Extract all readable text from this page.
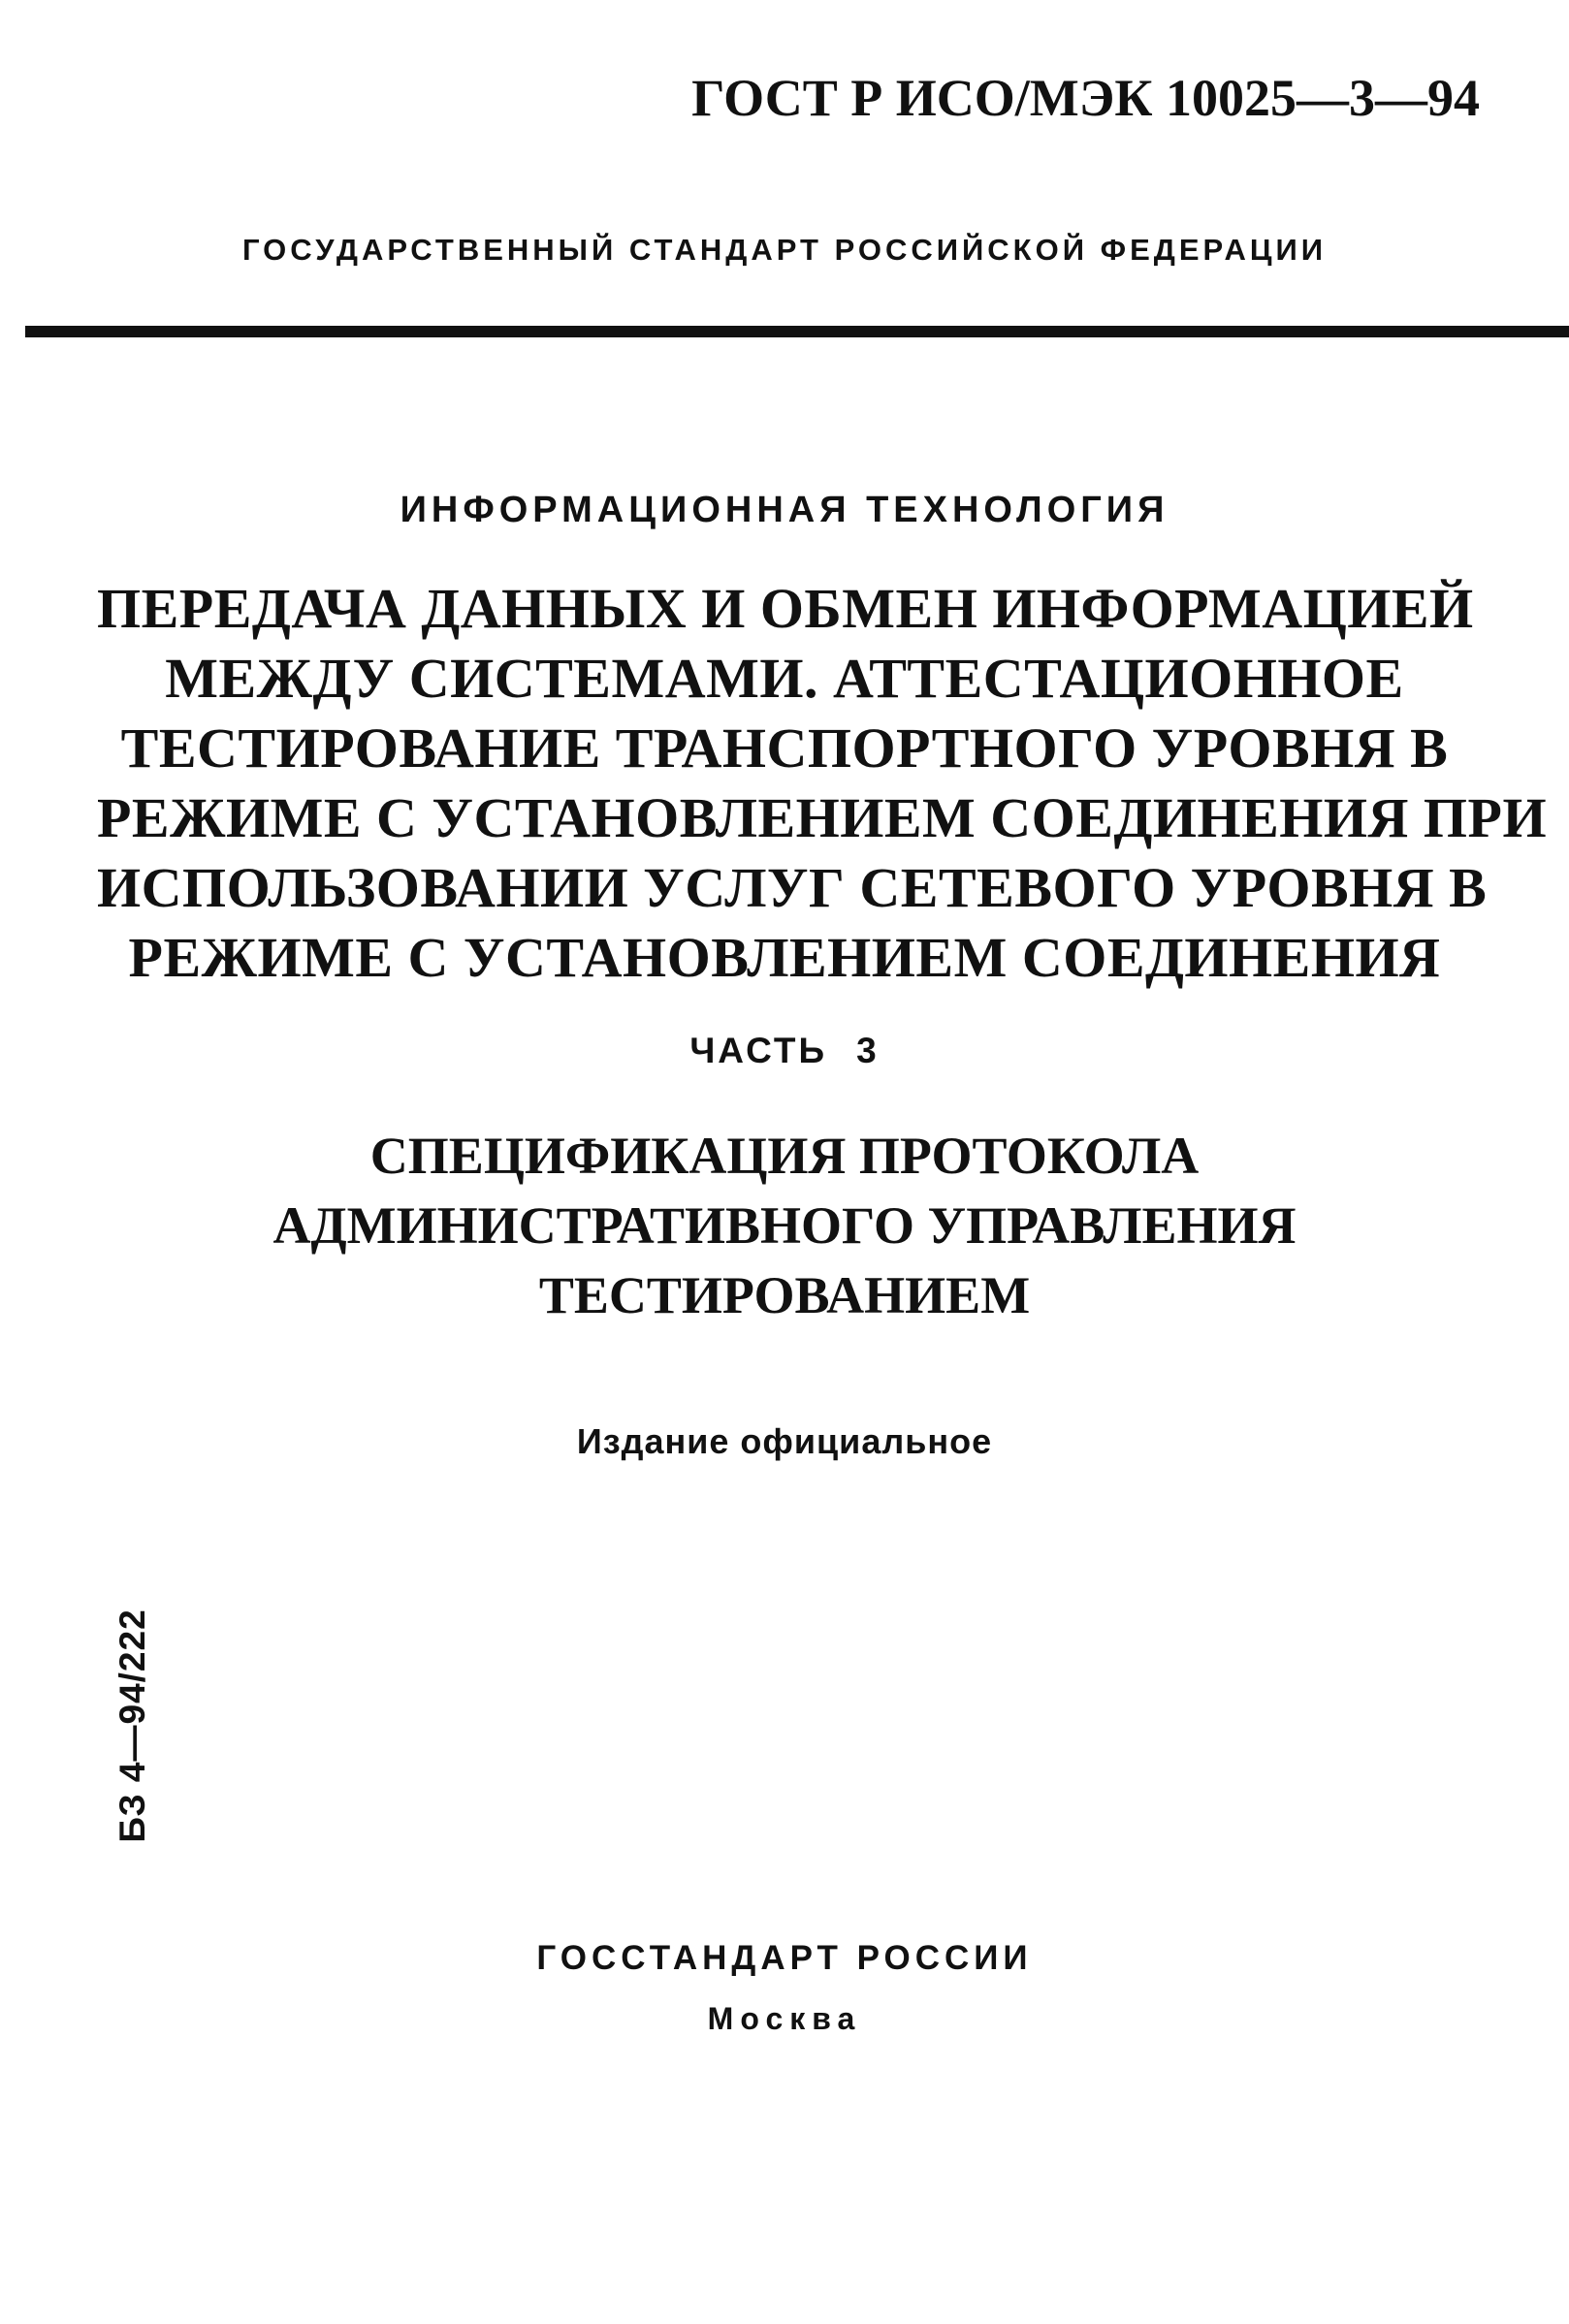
ГОСТ Р ИСО/МЭК 10025—3—94
ГОСУДАРСТВЕННЫЙ СТАНДАРТ РОССИЙСКОЙ ФЕДЕРАЦИИ
ИНФОРМАЦИОННАЯ ТЕХНОЛОГИЯ
ПЕРЕДАЧА ДАННЫХ И ОБМЕН ИНФОРМАЦИЕЙ
МЕЖДУ СИСТЕМАМИ. АТТЕСТАЦИОННОЕ
ТЕСТИРОВАНИЕ ТРАНСПОРТНОГО УРОВНЯ В
РЕЖИМЕ С УСТАНОВЛЕНИЕМ СОЕДИНЕНИЯ ПРИ
ИСПОЛЬЗОВАНИИ УСЛУГ СЕТЕВОГО УРОВНЯ В
РЕЖИМЕ С УСТАНОВЛЕНИЕМ СОЕДИНЕНИЯ
ЧАСТЬ 3
СПЕЦИФИКАЦИЯ ПРОТОКОЛА
АДМИНИСТРАТИВНОГО УПРАВЛЕНИЯ
ТЕСТИРОВАНИЕМ
Издание официальное
БЗ 4—94/222
ГОССТАНДАРТ РОССИИ
Москва
